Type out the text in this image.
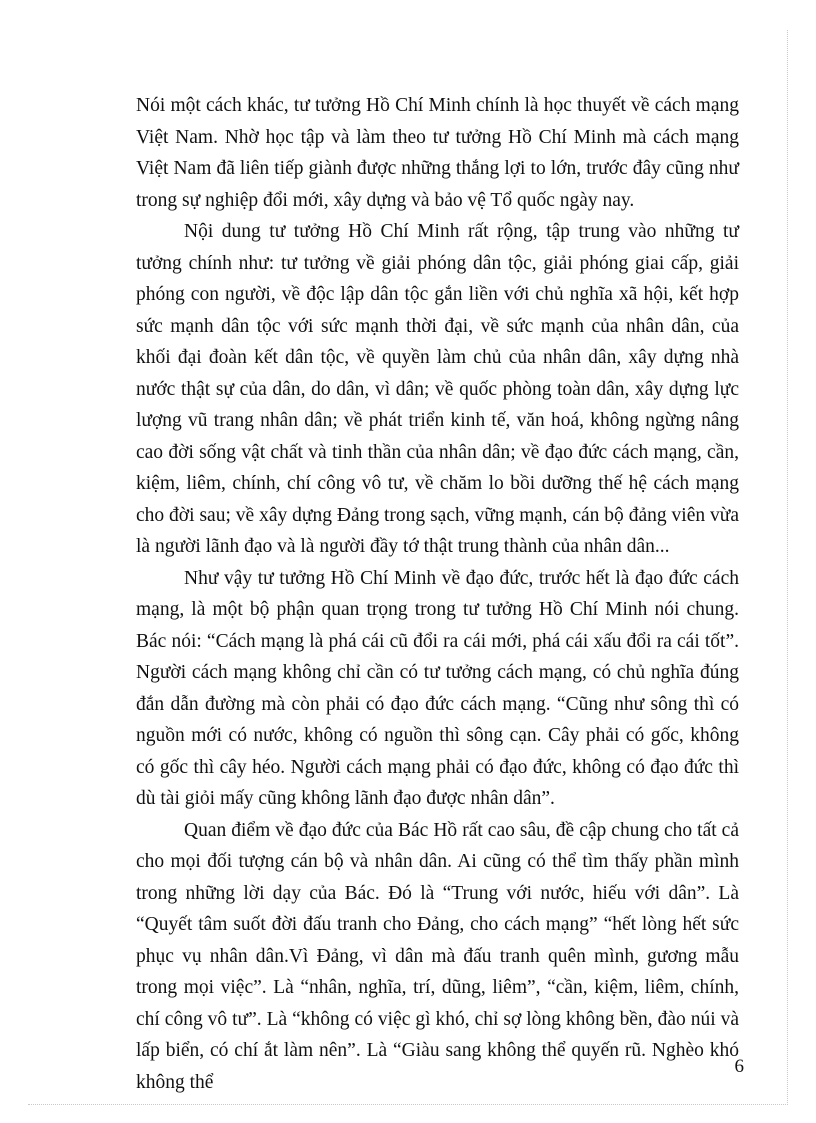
Nói một cách khác, tư tưởng Hồ Chí Minh chính là học thuyết về cách mạng Việt Nam. Nhờ học tập và làm theo tư tưởng Hồ Chí Minh mà cách mạng Việt Nam đã liên tiếp giành được những thắng lợi to lớn, trước đây cũng như trong sự nghiệp đổi mới, xây dựng và bảo vệ Tổ quốc ngày nay.

Nội dung tư tưởng Hồ Chí Minh rất rộng, tập trung vào những tư tưởng chính như: tư tưởng về giải phóng dân tộc, giải phóng giai cấp, giải phóng con người, về độc lập dân tộc gắn liền với chủ nghĩa xã hội, kết hợp sức mạnh dân tộc với sức mạnh thời đại, về sức mạnh của nhân dân, của khối đại đoàn kết dân tộc, về quyền làm chủ của nhân dân, xây dựng nhà nước thật sự của dân, do dân, vì dân; về quốc phòng toàn dân, xây dựng lực lượng vũ trang nhân dân; về phát triển kinh tế, văn hoá, không ngừng nâng cao đời sống vật chất và tinh thần của nhân dân; về đạo đức cách mạng, cần, kiệm, liêm, chính, chí công vô tư, về chăm lo bồi dưỡng thế hệ cách mạng cho đời sau; về xây dựng Đảng trong sạch, vững mạnh, cán bộ đảng viên vừa là người lãnh đạo và là người đầy tớ thật trung thành của nhân dân...

Như vậy tư tưởng Hồ Chí Minh về đạo đức, trước hết là đạo đức cách mạng, là một bộ phận quan trọng trong tư tưởng Hồ Chí Minh nói chung. Bác nói: “Cách mạng là phá cái cũ đổi ra cái mới, phá cái xấu đổi ra cái tốt”. Người cách mạng không chỉ cần có tư tưởng cách mạng, có chủ nghĩa đúng đắn dẫn đường mà còn phải có đạo đức cách mạng. “Cũng như sông thì có nguồn mới có nước, không có nguồn thì sông cạn. Cây phải có gốc, không có gốc thì cây héo. Người cách mạng phải có đạo đức, không có đạo đức thì dù tài giỏi mấy cũng không lãnh đạo được nhân dân”.

Quan điểm về đạo đức của Bác Hồ rất cao sâu, đề cập chung cho tất cả cho mọi đối tượng cán bộ và nhân dân. Ai cũng có thể tìm thấy phần mình trong những lời dạy của Bác. Đó là “Trung với nước, hiếu với dân”. Là “Quyết tâm suốt đời đấu tranh cho Đảng, cho cách mạng” “hết lòng hết sức phục vụ nhân dân.Vì Đảng, vì dân mà đấu tranh quên mình, gương mẫu trong mọi việc”. Là “nhân, nghĩa, trí, dũng, liêm”, “cần, kiệm, liêm, chính, chí công vô tư”. Là “không có việc gì khó, chỉ sợ lòng không bền, đào núi và lấp biển, có chí ắt làm nên”. Là “Giàu sang không thể quyến rũ. Nghèo khó không thể

6
